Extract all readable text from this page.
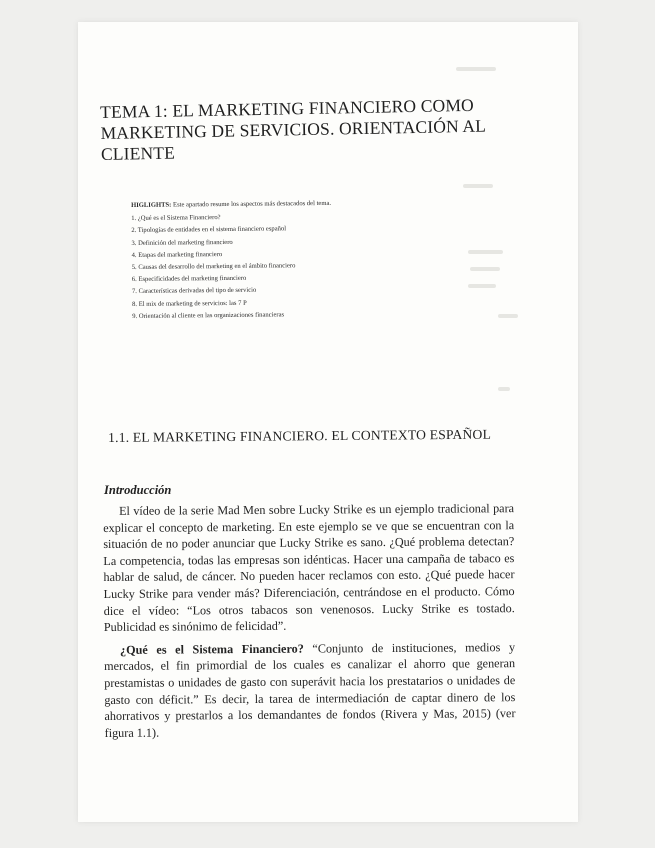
TEMA 1: EL MARKETING FINANCIERO COMO
MARKETING DE SERVICIOS. ORIENTACIÓN AL
CLIENTE

HIGLIGHTS: Este apartado resume los aspectos más destacados del tema.

1. ¿Qué es el Sistema Financiero?
2. Tipologías de entidades en el sistema financiero español
3. Definición del marketing financiero
4. Etapas del marketing financiero
5. Causas del desarrollo del marketing en el ámbito financiero
6. Especificidades del marketing financiero
7. Características derivadas del tipo de servicio
8. El mix de marketing de servicios: las 7 P
9. Orientación al cliente en las organizaciones financieras
1.1. EL MARKETING FINANCIERO. EL CONTEXTO ESPAÑOL
Introducción

El vídeo de la serie Mad Men sobre Lucky Strike es un ejemplo tradicional para explicar el concepto de marketing. En este ejemplo se ve que se encuentran con la situación de no poder anunciar que Lucky Strike es sano. ¿Qué problema detectan? La competencia, todas las empresas son idénticas. Hacer una campaña de tabaco es hablar de salud, de cáncer. No pueden hacer reclamos con esto. ¿Qué puede hacer Lucky Strike para vender más? Diferenciación, centrándose en el producto. Cómo dice el vídeo: “Los otros tabacos son venenosos. Lucky Strike es tostado. Publicidad es sinónimo de felicidad”.

¿Qué es el Sistema Financiero? “Conjunto de instituciones, medios y mercados, el fin primordial de los cuales es canalizar el ahorro que generan prestamistas o unidades de gasto con superávit hacia los prestatarios o unidades de gasto con déficit.” Es decir, la tarea de intermediación de captar dinero de los ahorrativos y prestarlos a los demandantes de fondos (Rivera y Mas, 2015) (ver figura 1.1).
